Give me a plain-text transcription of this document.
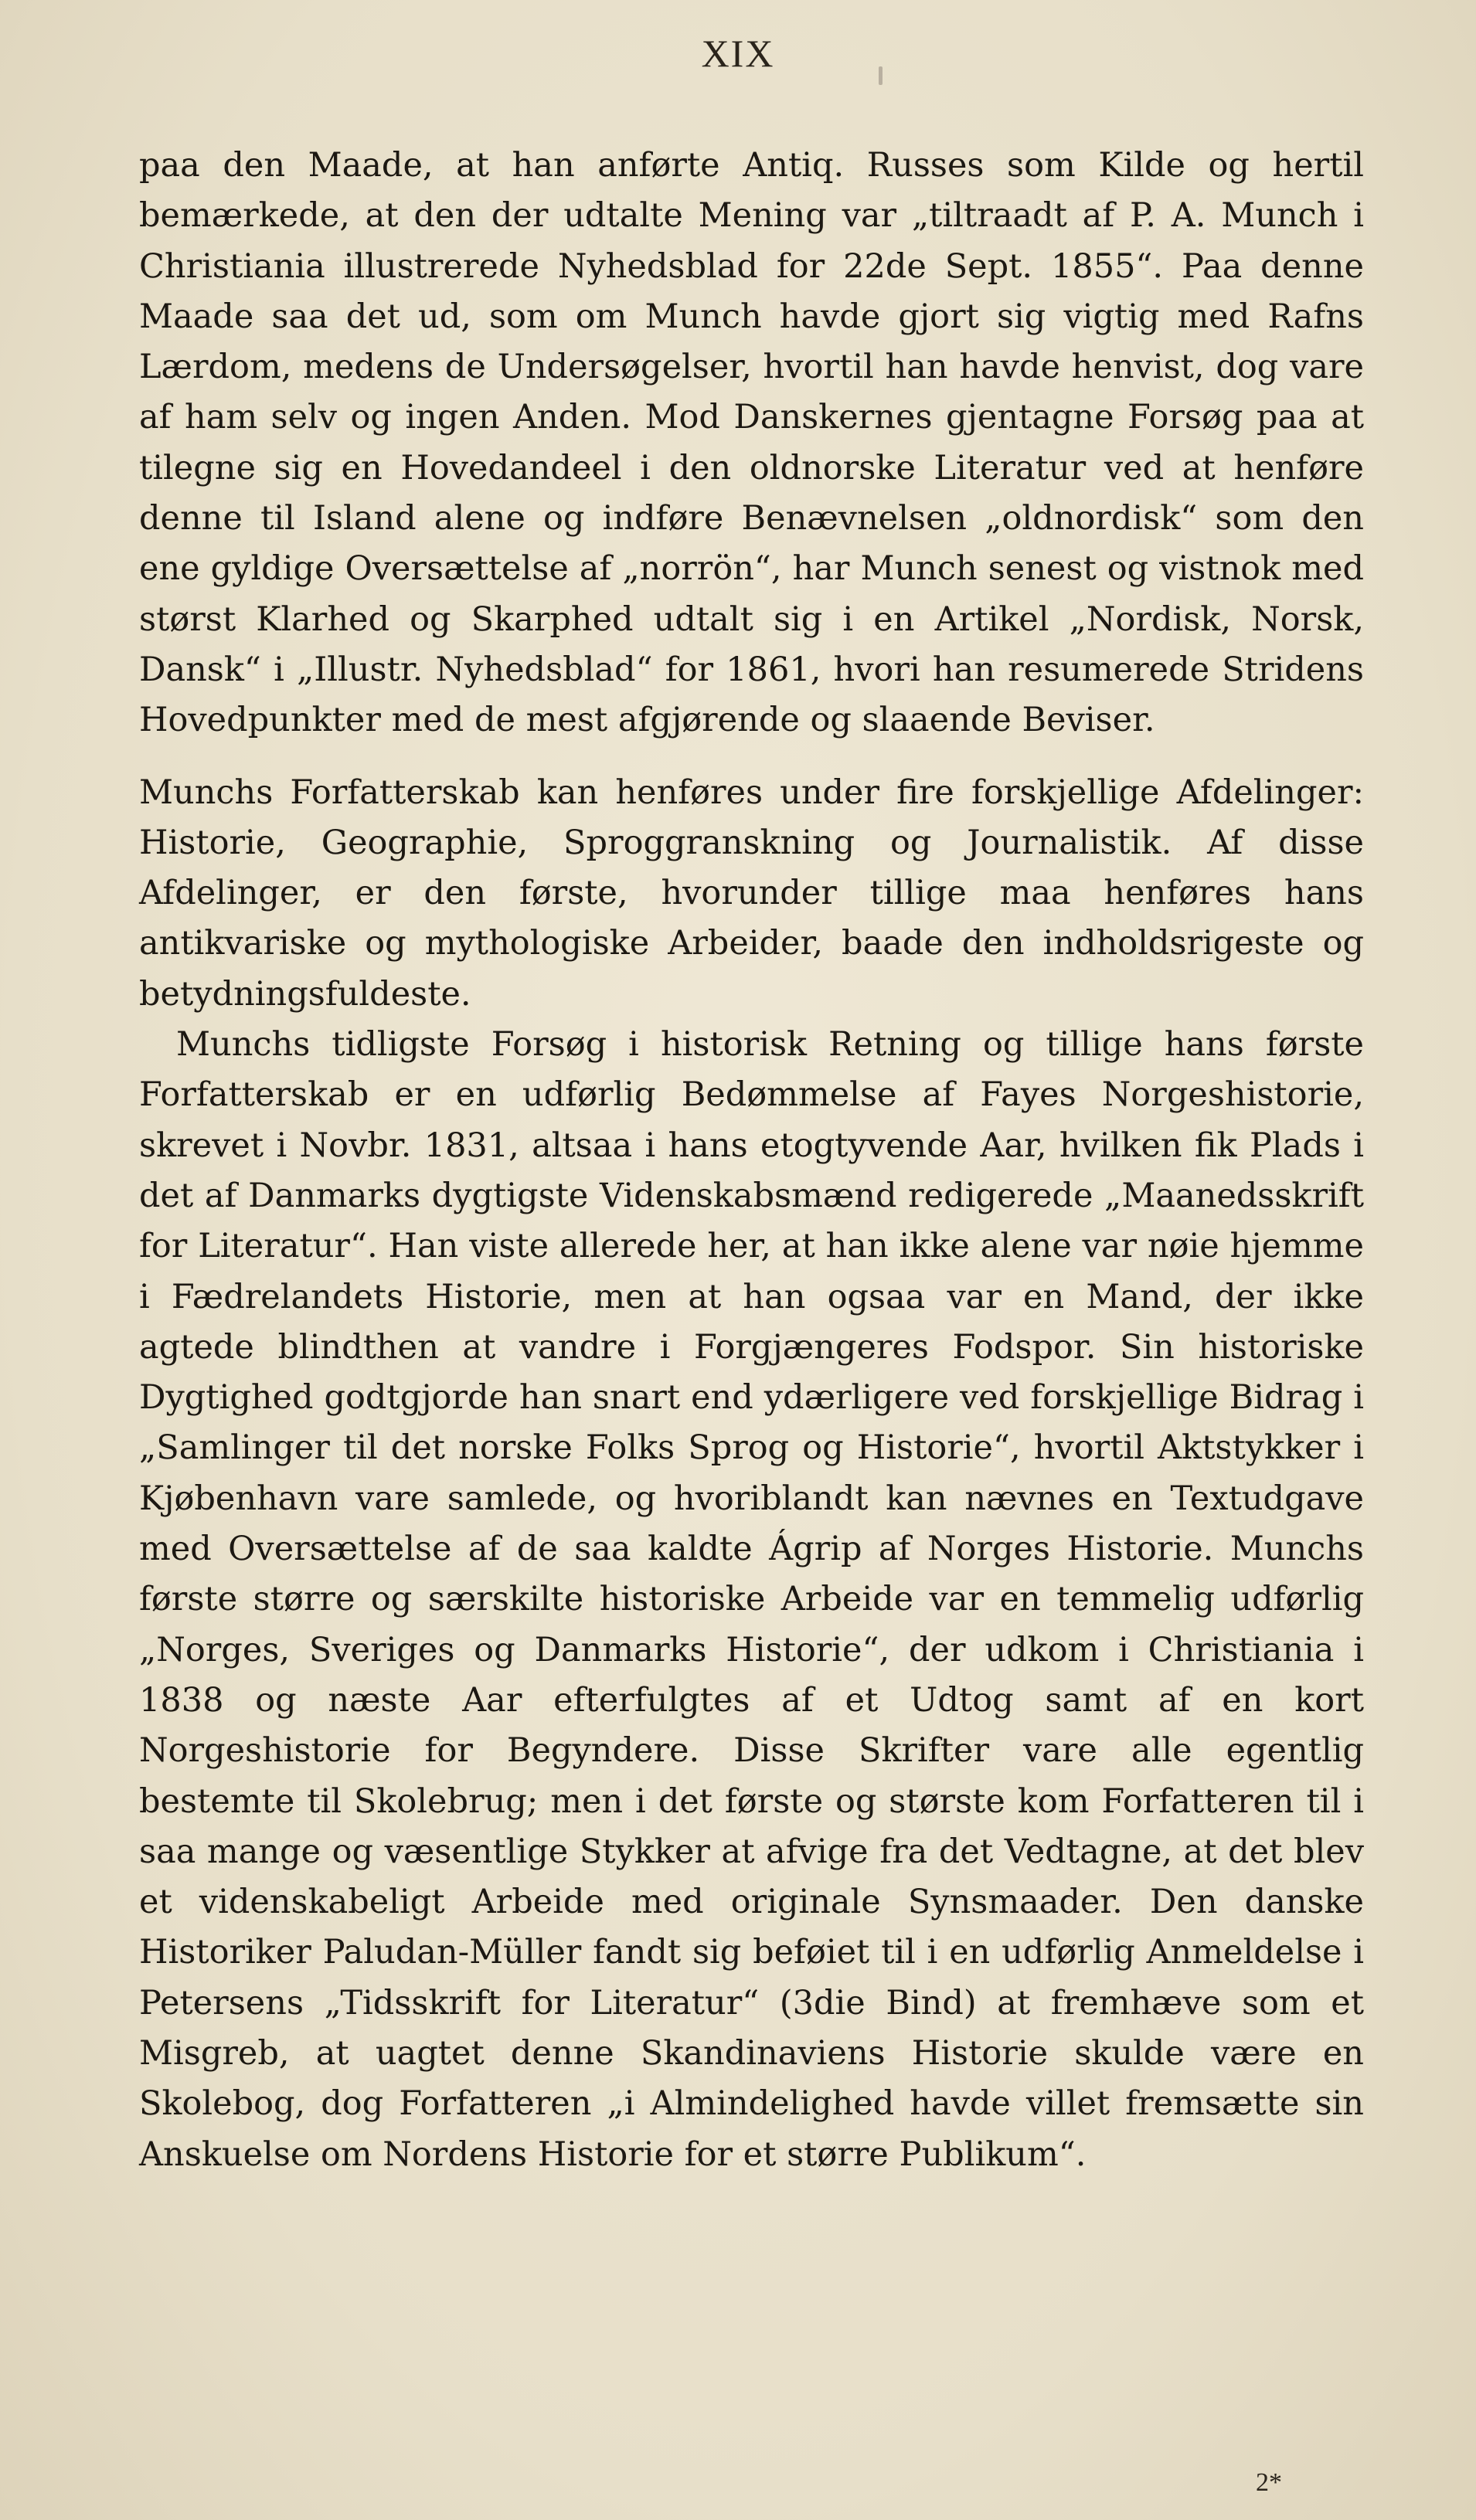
XIX

paa den Maade, at han anførte Antiq. Russes som Kilde og hertil bemærkede, at den der udtalte Mening var „tiltraadt af P. A. Munch i Christiania illustrerede Nyhedsblad for 22de Sept. 1855“. Paa denne Maade saa det ud, som om Munch havde gjort sig vigtig med Rafns Lærdom, medens de Undersøgelser, hvortil han havde henvist, dog vare af ham selv og ingen Anden. Mod Danskernes gjentagne Forsøg paa at tilegne sig en Hovedandeel i den oldnorske Literatur ved at henføre denne til Island alene og indføre Benævnelsen „oldnordisk“ som den ene gyldige Oversættelse af „norrön“, har Munch senest og vistnok med størst Klarhed og Skarphed udtalt sig i en Artikel „Nordisk, Norsk, Dansk“ i „Illustr. Nyhedsblad“ for 1861, hvori han resumerede Stridens Hovedpunkter med de mest afgjørende og slaaende Beviser.

Munchs Forfatterskab kan henføres under fire forskjellige Afdelinger: Historie, Geographie, Sproggranskning og Journalistik. Af disse Afdelinger, er den første, hvorunder tillige maa henføres hans antikvariske og mythologiske Arbeider, baade den indholdsrigeste og betydningsfuldeste.

Munchs tidligste Forsøg i historisk Retning og tillige hans første Forfatterskab er en udførlig Bedømmelse af Fayes Norgeshistorie, skrevet i Novbr. 1831, altsaa i hans etogtyvende Aar, hvilken fik Plads i det af Danmarks dygtigste Videnskabsmænd redigerede „Maanedsskrift for Literatur“. Han viste allerede her, at han ikke alene var nøie hjemme i Fædrelandets Historie, men at han ogsaa var en Mand, der ikke agtede blindthen at vandre i Forgjængeres Fodspor. Sin historiske Dygtighed godtgjorde han snart end ydærligere ved forskjellige Bidrag i „Samlinger til det norske Folks Sprog og Historie“, hvortil Aktstykker i Kjøbenhavn vare samlede, og hvoriblandt kan nævnes en Textudgave med Oversættelse af de saa kaldte Ágrip af Norges Historie. Munchs første større og særskilte historiske Arbeide var en temmelig udførlig „Norges, Sveriges og Danmarks Historie“, der udkom i Christiania i 1838 og næste Aar efterfulgtes af et Udtog samt af en kort Norgeshistorie for Begyndere. Disse Skrifter vare alle egentlig bestemte til Skolebrug; men i det første og største kom Forfatteren til i saa mange og væsentlige Stykker at afvige fra det Vedtagne, at det blev et videnskabeligt Arbeide med originale Synsmaader. Den danske Historiker Paludan-Müller fandt sig beføiet til i en udførlig Anmeldelse i Petersens „Tidsskrift for Literatur“ (3die Bind) at fremhæve som et Misgreb, at uagtet denne Skandinaviens Historie skulde være en Skolebog, dog Forfatteren „i Almindelighed havde villet fremsætte sin Anskuelse om Nordens Historie for et større Publikum“.

2*
